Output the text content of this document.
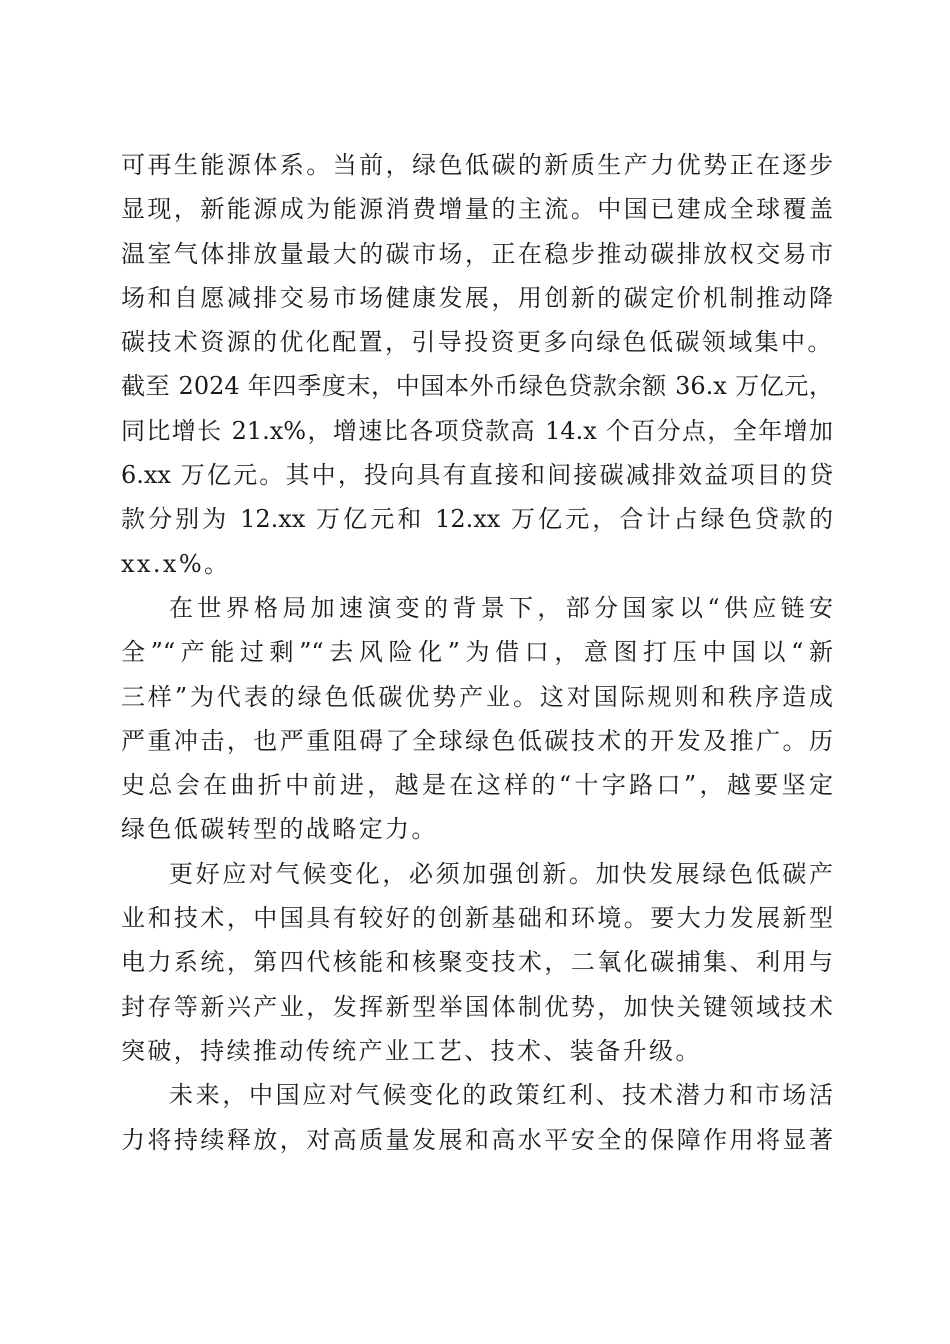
可再生能源体系。当前，绿色低碳的新质生产力优势正在逐步
显现，新能源成为能源消费增量的主流。中国已建成全球覆盖
温室气体排放量最大的碳市场，正在稳步推动碳排放权交易市
场和自愿减排交易市场健康发展，用创新的碳定价机制推动降
碳技术资源的优化配置，引导投资更多向绿色低碳领域集中。
截至 2024 年四季度末，中国本外币绿色贷款余额 36.x 万亿元，
同比增长 21.x%，增速比各项贷款高 14.x 个百分点，全年增加
6.xx 万亿元。其中，投向具有直接和间接碳减排效益项目的贷
款分别为 12.xx 万亿元和 12.xx 万亿元，合计占绿色贷款的
xx.x%。
在世界格局加速演变的背景下，部分国家以“供应链安
全”“产能过剩”“去风险化”为借口，意图打压中国以“新
三样”为代表的绿色低碳优势产业。这对国际规则和秩序造成
严重冲击，也严重阻碍了全球绿色低碳技术的开发及推广。历
史总会在曲折中前进，越是在这样的“十字路口”，越要坚定
绿色低碳转型的战略定力。
更好应对气候变化，必须加强创新。加快发展绿色低碳产
业和技术，中国具有较好的创新基础和环境。要大力发展新型
电力系统，第四代核能和核聚变技术，二氧化碳捕集、利用与
封存等新兴产业，发挥新型举国体制优势，加快关键领域技术
突破，持续推动传统产业工艺、技术、装备升级。
未来，中国应对气候变化的政策红利、技术潜力和市场活
力将持续释放，对高质量发展和高水平安全的保障作用将显著
